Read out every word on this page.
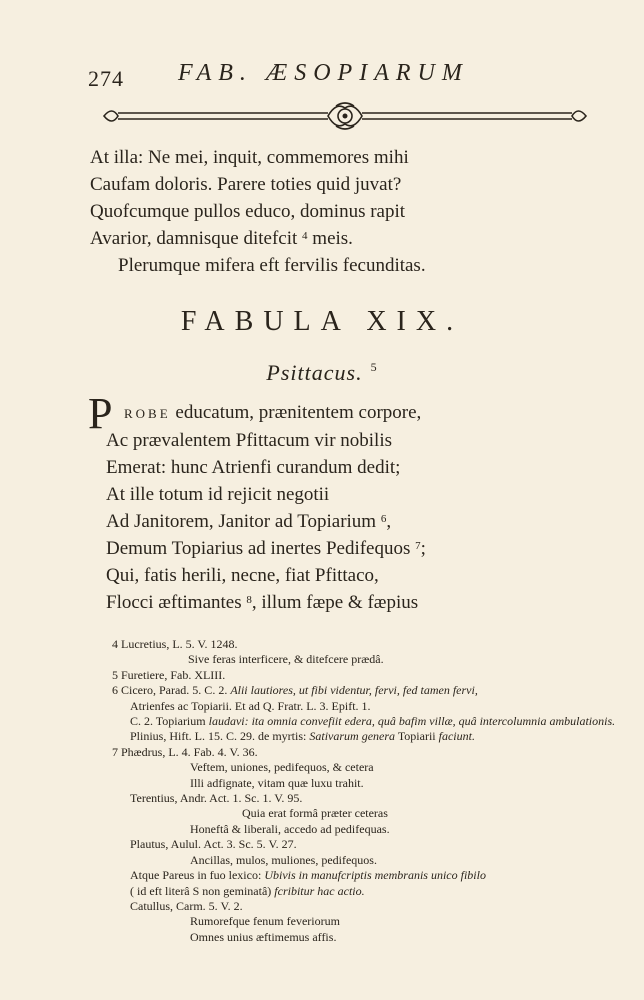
274 FAB. ÆSOPIARUM
At illa: Ne mei, inquit, commemores mihi
Caufam doloris. Parere toties quid juvat?
Quofcumque pullos educo, dominus rapit
Avarior, damnisque ditefcit $^4$ meis.
Plerumque mifera eft fervilis fecunditas.
FABULA XIX.
Psittacus. $^5$
P ROBE educatum, prænitentem corpore,
Ac prævalentem Pfittacum vir nobilis
Emerat: hunc Atrienfi curandum dedit;
At ille totum id rejicit negotii
Ad Janitorem, Janitor ad Topiarium $^6$,
Demum Topiarius ad inertes Pedifequos $^7$;
Qui, fatis herili, necne, fiat Pfittaco,
Flocci æftimantes $^8$, illum fæpe & fæpius
4 Lucretius, L. 5. V. 1248.
Sive feras interficere, & ditefcere prædâ.
5 Furetiere, Fab. XLIII.
6 Cicero, Parad. 5. C. 2. Alii lautiores, ut fibi videntur, fervi, fed tamen fervi,
Atrienfes ac Topiarii. Et ad Q. Fratr. L. 3. Epift. 1.
C. 2. Topiarium laudavi: ita omnia convefiit edera, quâ bafim villæ, quâ intercolumnia ambulationis.
Plinius, Hift. L. 15. C. 29. de myrtis: Sativarum genera Topiarii faciunt.
7 Phædrus, L. 4. Fab. 4. V. 36.
Veftem, uniones, pedifequos, & cetera
Illi adfignate, vitam quæ luxu trahit.
Terentius, Andr. Act. 1. Sc. 1. V. 95.
Quia erat formâ præter ceteras
Honeftâ & liberali, accedo ad pedifequas.
Plautus, Aulul. Act. 3. Sc. 5. V. 27.
Ancillas, mulos, muliones, pedifequos.
Atque Pareus in fuo lexico: Ubivis in manufcriptis membranis unico fibilo
( id eft literâ S non geminatâ) fcribitur hac actio.
Catullus, Carm. 5. V. 2.
Rumorefque fenum feveriorum
Omnes unius æftimemus affis.
